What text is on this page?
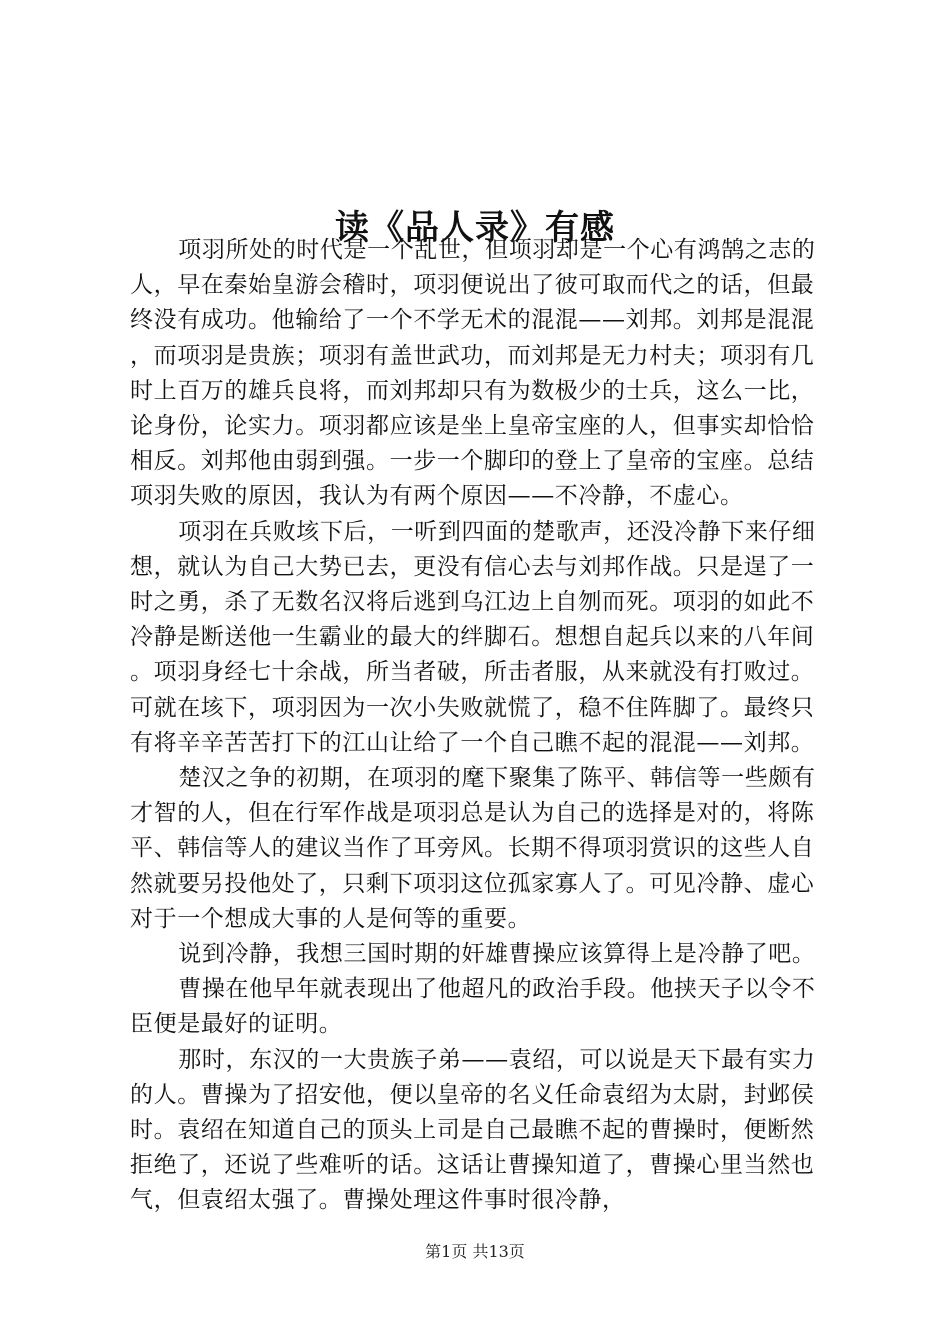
读《品人录》有感

项羽所处的时代是一个乱世，但项羽却是一个心有鸿鹄之志的人，早在秦始皇游会稽时，项羽便说出了彼可取而代之的话，但最终没有成功。他输给了一个不学无术的混混——刘邦。刘邦是混混，而项羽是贵族；项羽有盖世武功，而刘邦是无力村夫；项羽有几时上百万的雄兵良将，而刘邦却只有为数极少的士兵，这么一比，论身份，论实力。项羽都应该是坐上皇帝宝座的人，但事实却恰恰相反。刘邦他由弱到强。一步一个脚印的登上了皇帝的宝座。总结项羽失败的原因，我认为有两个原因——不冷静，不虚心。

项羽在兵败垓下后，一听到四面的楚歌声，还没冷静下来仔细想，就认为自己大势已去，更没有信心去与刘邦作战。只是逞了一时之勇，杀了无数名汉将后逃到乌江边上自刎而死。项羽的如此不冷静是断送他一生霸业的最大的绊脚石。想想自起兵以来的八年间。项羽身经七十余战，所当者破，所击者服，从来就没有打败过。可就在垓下，项羽因为一次小失败就慌了，稳不住阵脚了。最终只有将辛辛苦苦打下的江山让给了一个自己瞧不起的混混——刘邦。

楚汉之争的初期，在项羽的麾下聚集了陈平、韩信等一些颇有才智的人，但在行军作战是项羽总是认为自己的选择是对的，将陈平、韩信等人的建议当作了耳旁风。长期不得项羽赏识的这些人自然就要另投他处了，只剩下项羽这位孤家寡人了。可见冷静、虚心对于一个想成大事的人是何等的重要。

说到冷静，我想三国时期的奸雄曹操应该算得上是冷静了吧。

曹操在他早年就表现出了他超凡的政治手段。他挟天子以令不臣便是最好的证明。

那时，东汉的一大贵族子弟——袁绍，可以说是天下最有实力的人。曹操为了招安他，便以皇帝的名义任命袁绍为太尉，封邺侯时。袁绍在知道自己的顶头上司是自己最瞧不起的曹操时，便断然拒绝了，还说了些难听的话。这话让曹操知道了，曹操心里当然也气，但袁绍太强了。曹操处理这件事时很冷静，

第1页 共13页
